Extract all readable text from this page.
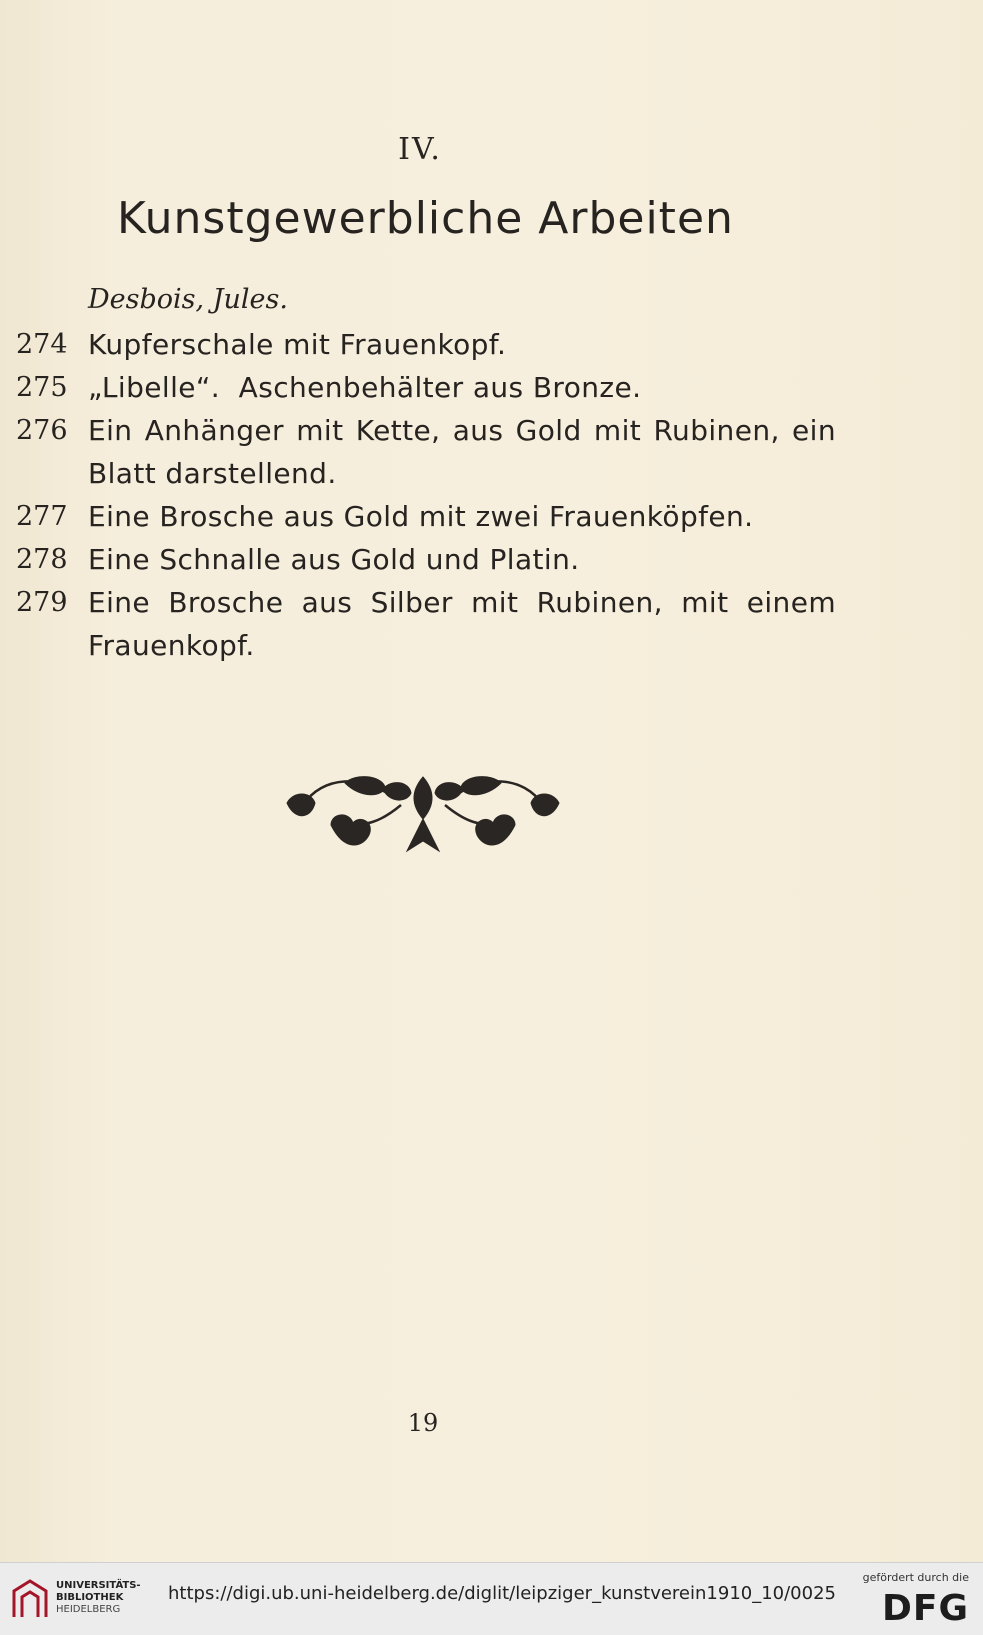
IV.
Kunstgewerbliche Arbeiten
Desbois, Jules.
274 Kupferschale mit Frauenkopf.
275 „Libelle“.  Aschenbehälter aus Bronze.
276 Ein Anhänger mit Kette, aus Gold mit Rubinen, ein Blatt darstellend.
277 Eine Brosche aus Gold mit zwei Frauenköpfen.
278 Eine Schnalle aus Gold und Platin.
279 Eine Brosche aus Silber mit Rubinen, mit einem Frauenkopf.
19
UNIVERSITÄTS-
BIBLIOTHEK
HEIDELBERG
https://digi.ub.uni-heidelberg.de/diglit/leipziger_kunstverein1910_10/0025
gefördert durch die
DFG
